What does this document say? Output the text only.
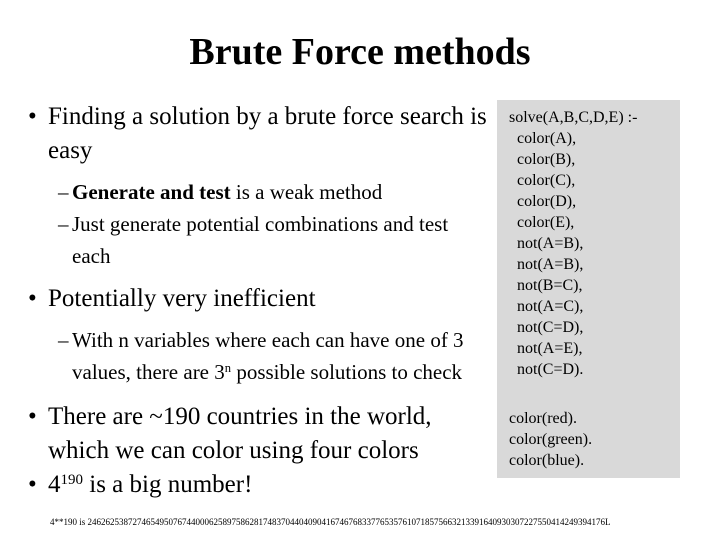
Brute Force methods
• Finding a solution by a brute force search is easy
– Generate and test is a weak method
– Just generate potential combinations and test each
• Potentially very inefficient
– With n variables where each can have one of 3 values, there are 3$^n$ possible solutions to check
• There are ~190 countries in the world, which we can color using four colors
• $4^{190}$ is a big number!
solve(A,B,C,D,E) :-
color(A),
color(B),
color(C),
color(D),
color(E),
not(A=B),
not(A=B),
not(B=C),
not(A=C),
not(C=D),
not(A=E),
not(C=D).
color(red).
color(green).
color(blue).
4**190 is 2462625387274654950767440006258975862817483704404090416746768337765357610718575663213391640930307227550414249394176L
